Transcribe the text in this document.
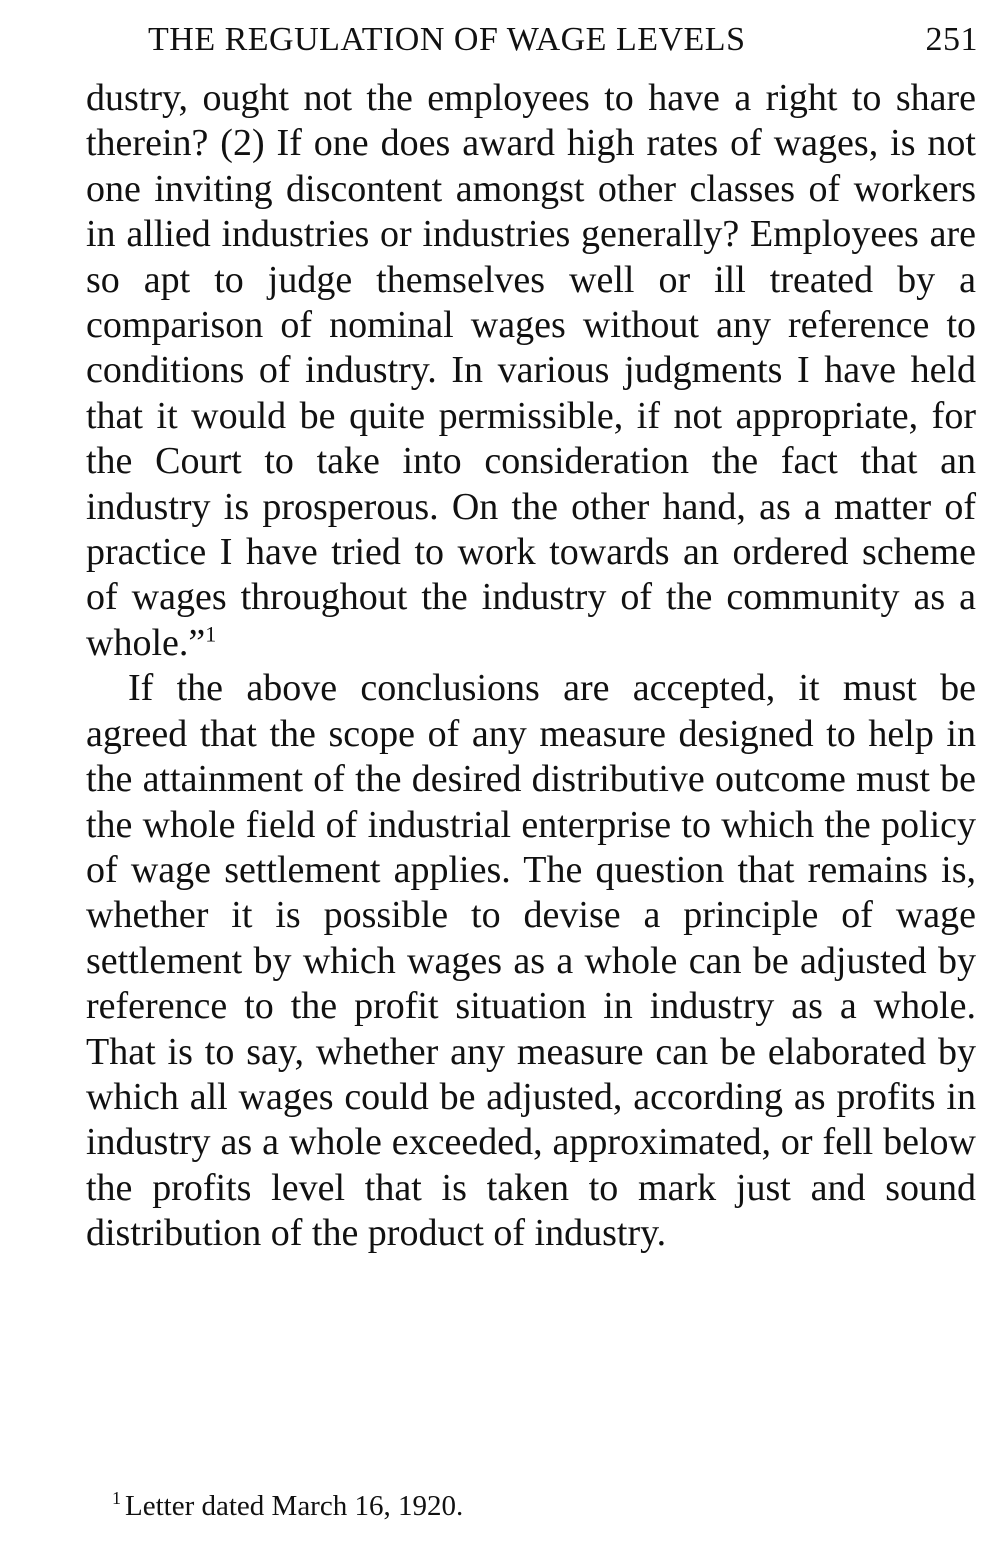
THE REGULATION OF WAGE LEVELS	251

dustry, ought not the employees to have a right to share therein? (2) If one does award high rates of wages, is not one inviting discontent amongst other classes of workers in allied industries or industries generally? Employees are so apt to judge themselves well or ill treated by a comparison of nominal wages without any reference to conditions of industry. In various judgments I have held that it would be quite permissible, if not appropriate, for the Court to take into consideration the fact that an industry is prosperous. On the other hand, as a matter of practice I have tried to work towards an ordered scheme of wages throughout the industry of the community as a whole.”$^1$

If the above conclusions are accepted, it must be agreed that the scope of any measure designed to help in the attainment of the desired distributive outcome must be the whole field of industrial enterprise to which the policy of wage settlement applies. The question that remains is, whether it is possible to devise a principle of wage settlement by which wages as a whole can be adjusted by reference to the profit situation in industry as a whole. That is to say, whether any measure can be elaborated by which all wages could be adjusted, according as profits in industry as a whole exceeded, approximated, or fell below the profits level that is taken to mark just and sound distribution of the product of industry.

$^1$ Letter dated March 16, 1920.
